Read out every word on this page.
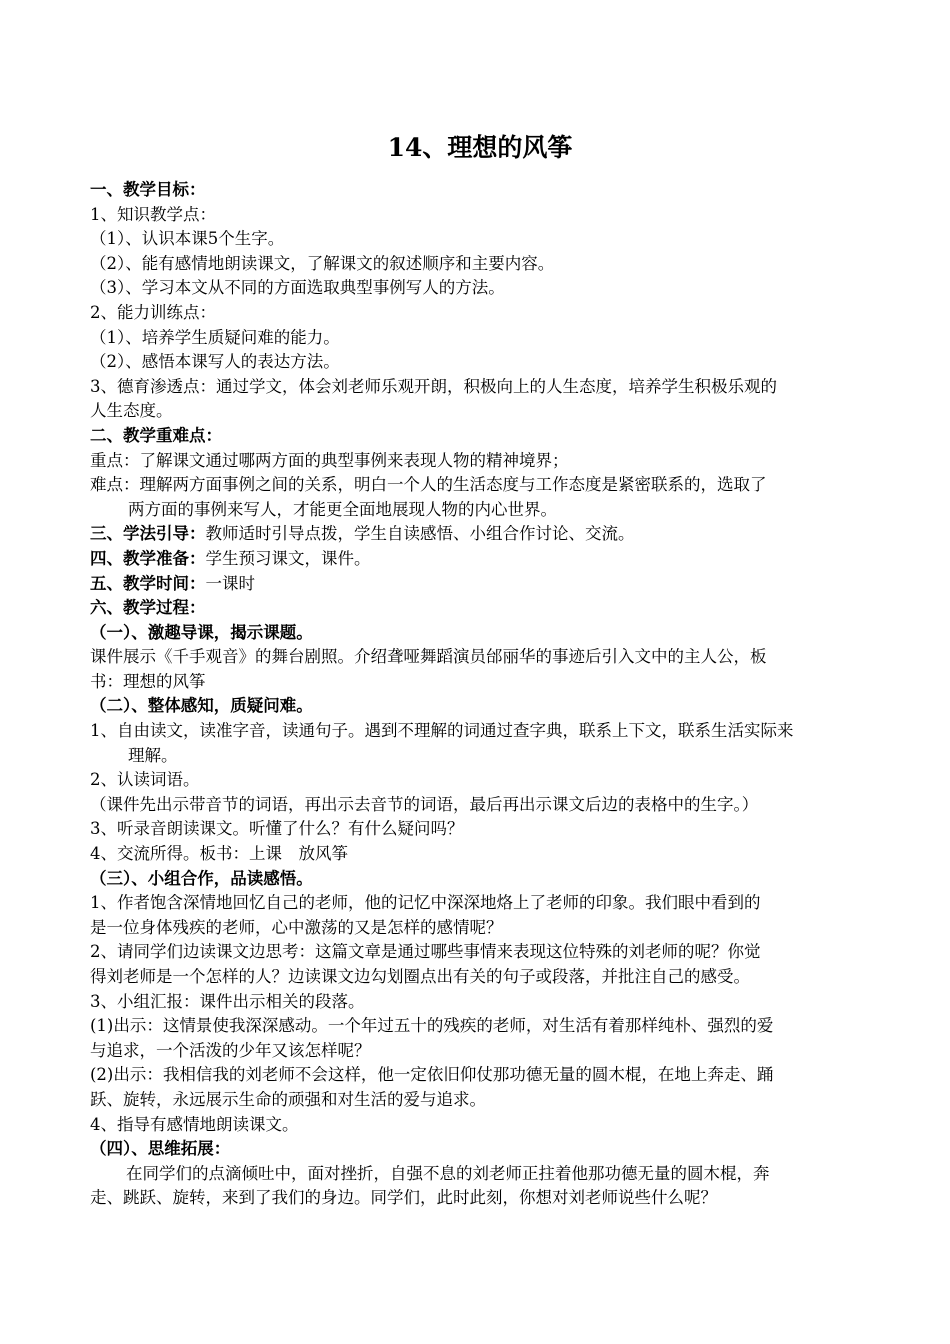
14、理想的风筝
一、教学目标：
1、知识教学点：
（1）、认识本课5个生字。
（2）、能有感情地朗读课文，了解课文的叙述顺序和主要内容。
（3）、学习本文从不同的方面选取典型事例写人的方法。
2、能力训练点：
（1）、培养学生质疑问难的能力。
（2）、感悟本课写人的表达方法。
3、德育渗透点：通过学文，体会刘老师乐观开朗，积极向上的人生态度，培养学生积极乐观的
人生态度。
二、教学重难点：
重点：了解课文通过哪两方面的典型事例来表现人物的精神境界；
难点：理解两方面事例之间的关系，明白一个人的生活态度与工作态度是紧密联系的，选取了
两方面的事例来写人，才能更全面地展现人物的内心世界。
三、学法引导：教师适时引导点拨，学生自读感悟、小组合作讨论、交流。
四、教学准备：学生预习课文，课件。
五、教学时间：一课时
六、教学过程：
（一）、激趣导课，揭示课题。
课件展示《千手观音》的舞台剧照。介绍聋哑舞蹈演员邰丽华的事迹后引入文中的主人公，板
书：理想的风筝
（二）、整体感知，质疑问难。
1、自由读文，读准字音，读通句子。遇到不理解的词通过查字典，联系上下文，联系生活实际来
理解。
2、认读词语。
（课件先出示带音节的词语，再出示去音节的词语，最后再出示课文后边的表格中的生字。）
3、听录音朗读课文。听懂了什么？有什么疑问吗？
4、交流所得。板书：上课　放风筝
（三）、小组合作，品读感悟。
1、作者饱含深情地回忆自己的老师，他的记忆中深深地烙上了老师的印象。我们眼中看到的
是一位身体残疾的老师，心中激荡的又是怎样的感情呢？
2、请同学们边读课文边思考：这篇文章是通过哪些事情来表现这位特殊的刘老师的呢？你觉
得刘老师是一个怎样的人？边读课文边勾划圈点出有关的句子或段落，并批注自己的感受。
3、小组汇报：课件出示相关的段落。
(1)出示：这情景使我深深感动。一个年过五十的残疾的老师，对生活有着那样纯朴、强烈的爱
与追求，一个活泼的少年又该怎样呢？
(2)出示：我相信我的刘老师不会这样，他一定依旧仰仗那功德无量的圆木棍，在地上奔走、踊
跃、旋转，永远展示生命的顽强和对生活的爱与追求。
4、指导有感情地朗读课文。
（四）、思维拓展：
在同学们的点滴倾吐中，面对挫折，自强不息的刘老师正拄着他那功德无量的圆木棍，奔
走、跳跃、旋转，来到了我们的身边。同学们，此时此刻，你想对刘老师说些什么呢？
